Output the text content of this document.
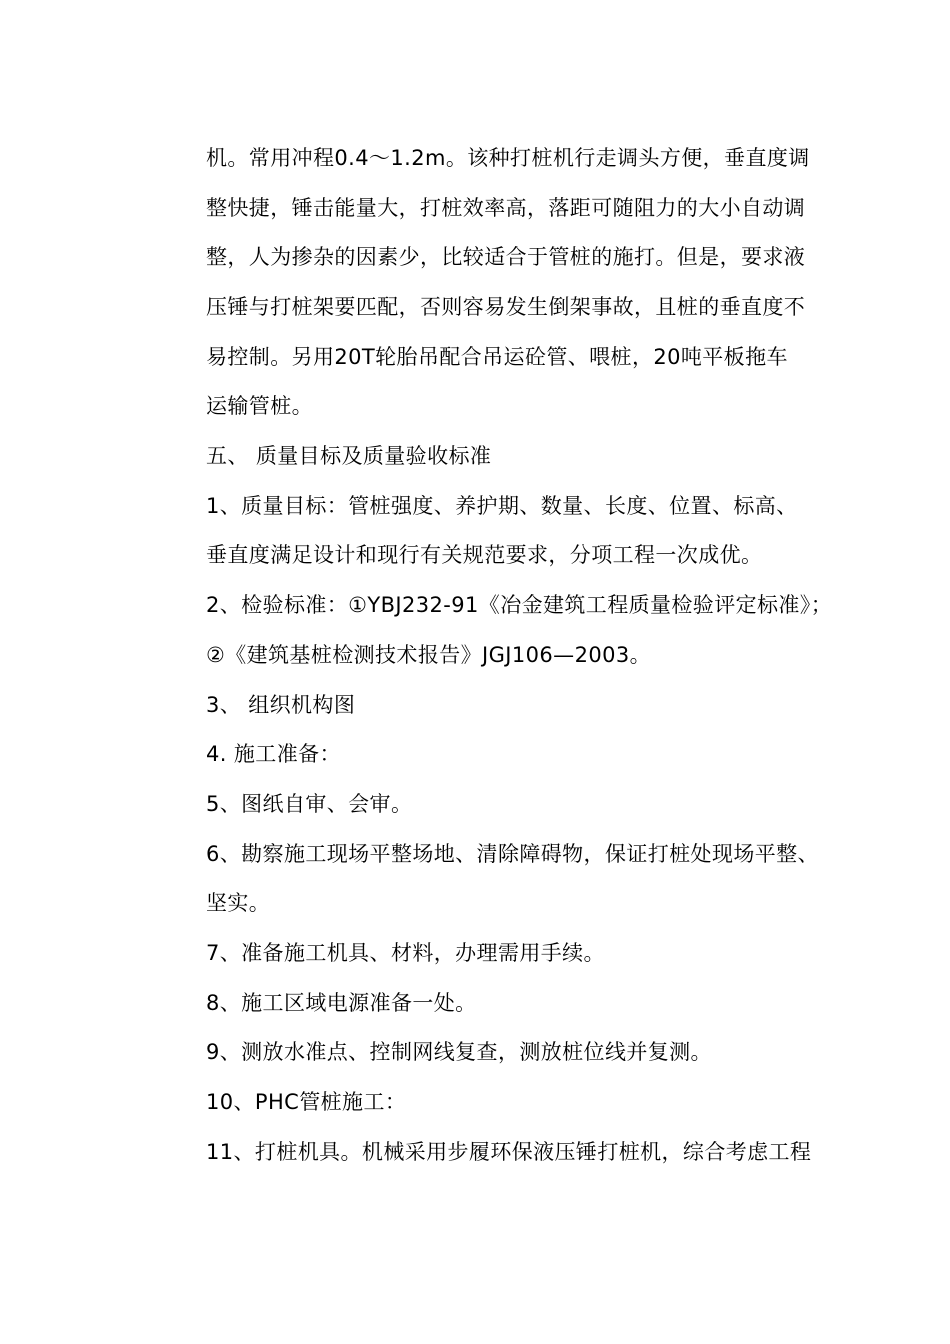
机。常用冲程0.4～1.2m。该种打桩机行走调头方便，垂直度调
整快捷，锤击能量大，打桩效率高，落距可随阻力的大小自动调
整，人为掺杂的因素少，比较适合于管桩的施打。但是，要求液
压锤与打桩架要匹配，否则容易发生倒架事故，且桩的垂直度不
易控制。另用20T轮胎吊配合吊运砼管、喂桩，20吨平板拖车
运输管桩。
五、 质量目标及质量验收标准
1、质量目标：管桩强度、养护期、数量、长度、位置、标高、
垂直度满足设计和现行有关规范要求，分项工程一次成优。
2、检验标准：①YBJ232-91《冶金建筑工程质量检验评定标准》；
②《建筑基桩检测技术报告》JGJ106—2003。
3、 组织机构图
4. 施工准备：
5、图纸自审、会审。
6、勘察施工现场平整场地、清除障碍物，保证打桩处现场平整、
坚实。
7、准备施工机具、材料，办理需用手续。
8、施工区域电源准备一处。
9、测放水准点、控制网线复查，测放桩位线并复测。
10、PHC管桩施工：
11、打桩机具。机械采用步履环保液压锤打桩机，综合考虑工程
